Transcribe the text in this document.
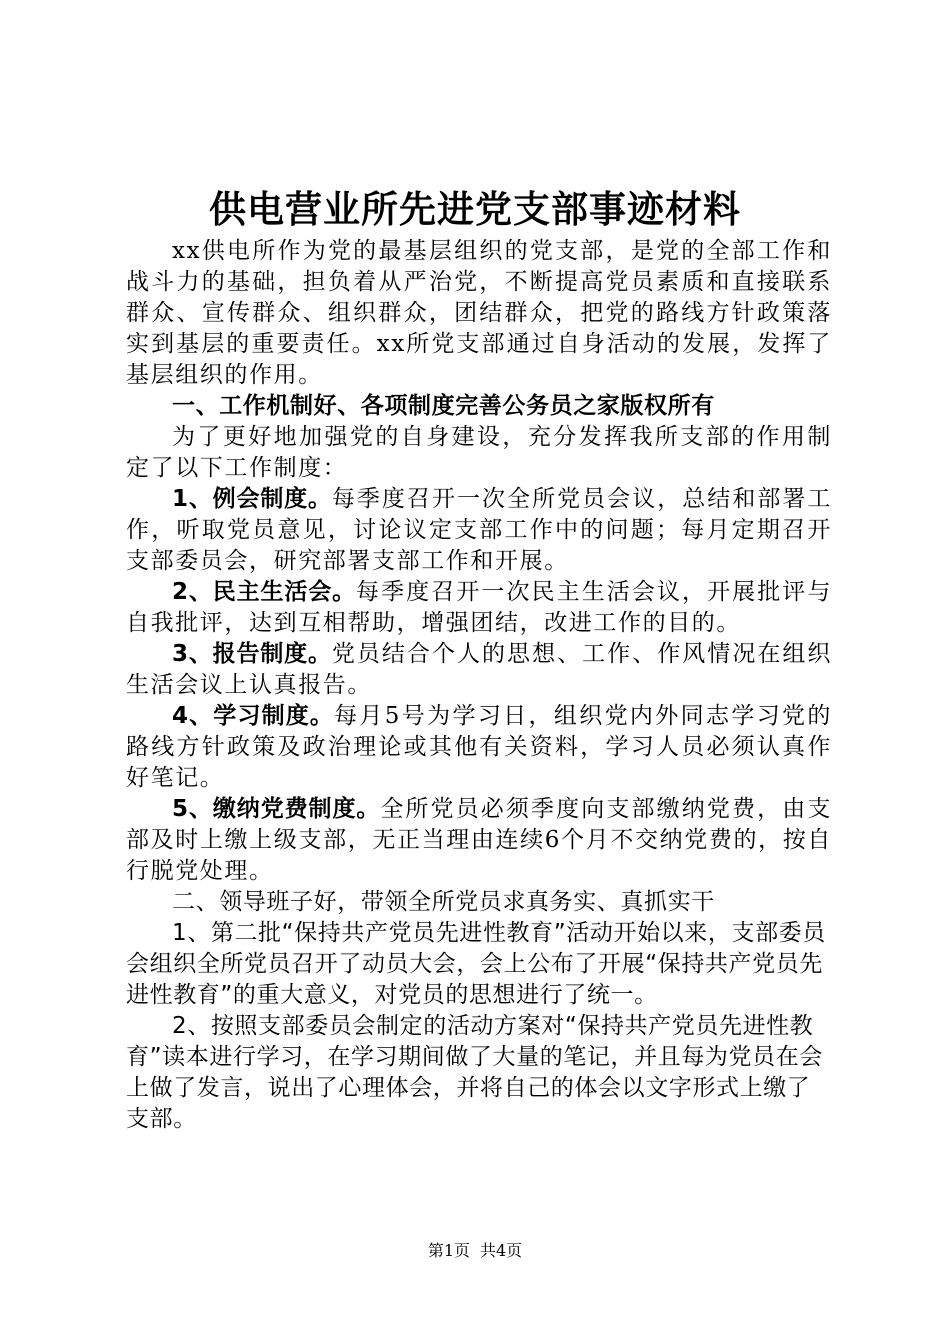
供电营业所先进党支部事迹材料

xx供电所作为党的最基层组织的党支部，是党的全部工作和战斗力的基础，担负着从严治党，不断提高党员素质和直接联系群众、宣传群众、组织群众，团结群众，把党的路线方针政策落实到基层的重要责任。xx所党支部通过自身活动的发展，发挥了基层组织的作用。

一、工作机制好、各项制度完善公务员之家版权所有

为了更好地加强党的自身建设，充分发挥我所支部的作用制定了以下工作制度：

1、例会制度。每季度召开一次全所党员会议，总结和部署工作，听取党员意见，讨论议定支部工作中的问题；每月定期召开支部委员会，研究部署支部工作和开展。

2、民主生活会。每季度召开一次民主生活会议，开展批评与自我批评，达到互相帮助，增强团结，改进工作的目的。

3、报告制度。党员结合个人的思想、工作、作风情况在组织生活会议上认真报告。

4、学习制度。每月5号为学习日，组织党内外同志学习党的路线方针政策及政治理论或其他有关资料，学习人员必须认真作好笔记。

5、缴纳党费制度。全所党员必须季度向支部缴纳党费，由支部及时上缴上级支部，无正当理由连续6个月不交纳党费的，按自行脱党处理。

二、领导班子好，带领全所党员求真务实、真抓实干

1、第二批“保持共产党员先进性教育”活动开始以来，支部委员会组织全所党员召开了动员大会，会上公布了开展“保持共产党员先进性教育”的重大意义，对党员的思想进行了统一。

2、按照支部委员会制定的活动方案对“保持共产党员先进性教育”读本进行学习，在学习期间做了大量的笔记，并且每为党员在会上做了发言，说出了心理体会，并将自己的体会以文字形式上缴了支部。

第1页 共4页
